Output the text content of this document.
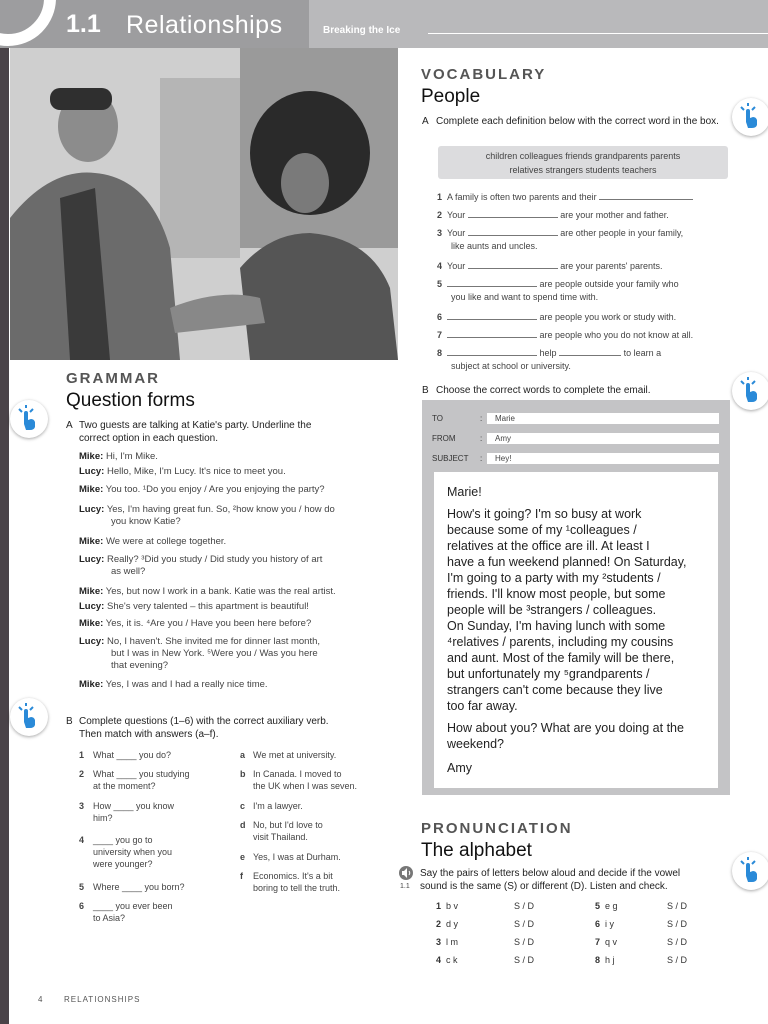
1.1 Relationships	Breaking the Ice
VOCABULARY
People
A Complete each definition below with the correct word in the box.
children colleagues friends grandparents parents
relatives strangers students teachers
1 A family is often two parents and their
2 Your	are your mother and father.
3 Your	are other people in your family,
like aunts and uncles.
4 Your	are your parents' parents.
5	are people outside your family who
you like and want to spend time with.
6	are people you work or study with.
7	are people who you do not know at all.
8	help	to learn a
subject at school or university.
B Choose the correct words to complete the email.
TO	:	Marie
FROM	:	Amy
SUBJECT :	Hey!
Marie!
How's it going? I'm so busy at work
because some of my ¹colleagues /
relatives at the office are ill. At least I
have a fun weekend planned! On Saturday,
I'm going to a party with my ²students /
friends. I'll know most people, but some
people will be ³strangers / colleagues.
On Sunday, I'm having lunch with some
⁴relatives / parents, including my cousins
and aunt. Most of the family will be there,
but unfortunately my ⁵grandparents /
strangers can't come because they live
too far away.
How about you? What are you doing at the
weekend?
Amy
GRAMMAR
Question forms
A Two guests are talking at Katie's party. Underline the
correct option in each question.
Mike: Hi, I'm Mike.
Lucy: Hello, Mike, I'm Lucy. It's nice to meet you.
Mike: You too. ¹Do you enjoy / Are you enjoying the party?
Lucy: Yes, I'm having great fun. So, ²how know you / how do
you know Katie?
Mike: We were at college together.
Lucy: Really? ³Did you study / Did study you history of art
as well?
Mike: Yes, but now I work in a bank. Katie was the real artist.
Lucy: She's very talented – this apartment is beautiful!
Mike: Yes, it is. ⁴Are you / Have you been here before?
Lucy: No, I haven't. She invited me for dinner last month,
but I was in New York. ⁵Were you / Was you here
that evening?
Mike: Yes, I was and I had a really nice time.
B Complete questions (1–6) with the correct auxiliary verb.
Then match with answers (a–f).
1 What ____ you do?
2 What ____ you studying
at the moment?
3 How ____ you know
him?
4 ____ you go to
university when you
were younger?
5 Where ____ you born?
6 ____ you ever been
to Asia?
a We met at university.
b In Canada. I moved to
the UK when I was seven.
c I'm a lawyer.
d No, but I'd love to
visit Thailand.
e Yes, I was at Durham.
f Economics. It's a bit
boring to tell the truth.
PRONUNCIATION
The alphabet
1.1
Say the pairs of letters below aloud and decide if the vowel
sound is the same (S) or different (D). Listen and check.
1 b v	S / D
2 d y	S / D
3 l m	S / D
4 c k	S / D
5 e g	S / D
6 i y	S / D
7 q v	S / D
8 h j	S / D
4	RELATIONSHIPS
